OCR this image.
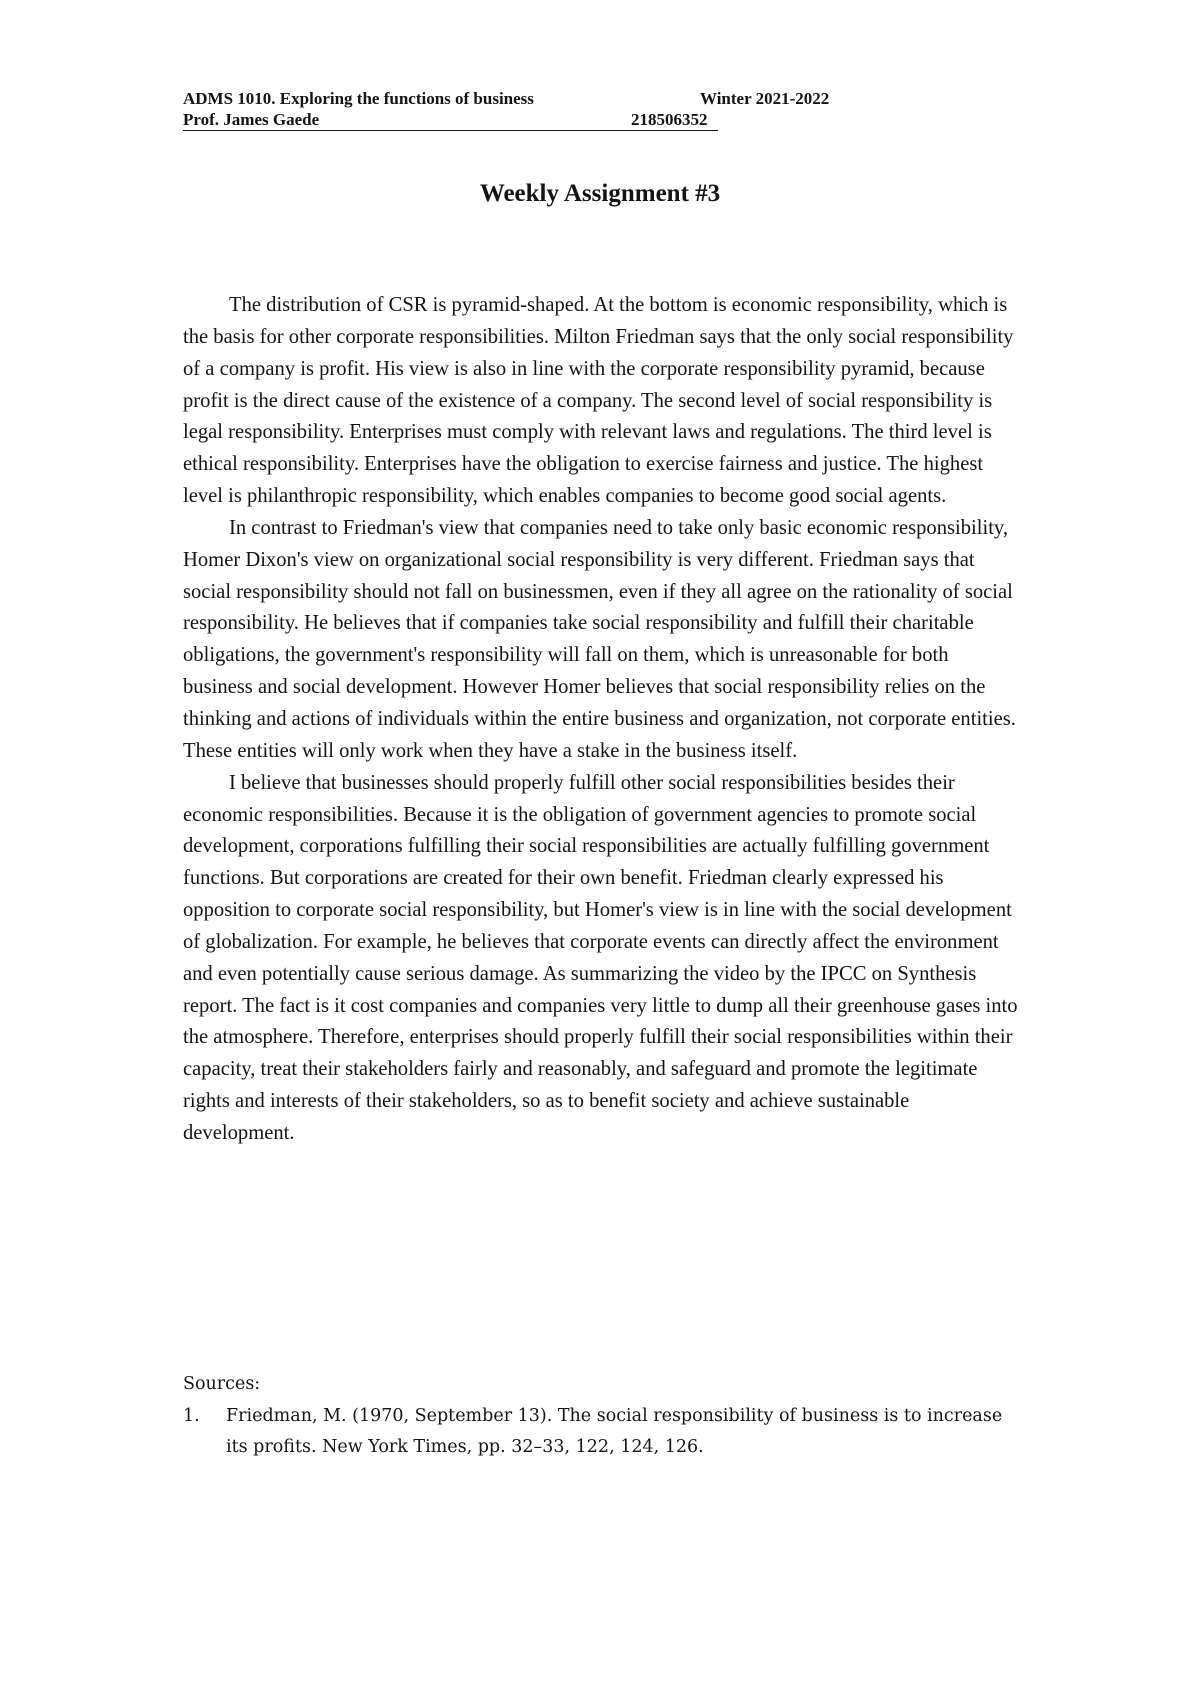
ADMS 1010. Exploring the functions of business	Winter 2021-2022
Prof. James Gaede	218506352
Weekly Assignment #3

The distribution of CSR is pyramid-shaped. At the bottom is economic responsibility, which is the basis for other corporate responsibilities. Milton Friedman says that the only social responsibility of a company is profit. His view is also in line with the corporate responsibility pyramid, because profit is the direct cause of the existence of a company. The second level of social responsibility is legal responsibility. Enterprises must comply with relevant laws and regulations. The third level is ethical responsibility. Enterprises have the obligation to exercise fairness and justice. The highest level is philanthropic responsibility, which enables companies to become good social agents.

In contrast to Friedman's view that companies need to take only basic economic responsibility, Homer Dixon's view on organizational social responsibility is very different. Friedman says that social responsibility should not fall on businessmen, even if they all agree on the rationality of social responsibility. He believes that if companies take social responsibility and fulfill their charitable obligations, the government's responsibility will fall on them, which is unreasonable for both business and social development. However Homer believes that social responsibility relies on the thinking and actions of individuals within the entire business and organization, not corporate entities. These entities will only work when they have a stake in the business itself.

I believe that businesses should properly fulfill other social responsibilities besides their economic responsibilities. Because it is the obligation of government agencies to promote social development, corporations fulfilling their social responsibilities are actually fulfilling government functions. But corporations are created for their own benefit. Friedman clearly expressed his opposition to corporate social responsibility, but Homer's view is in line with the social development of globalization. For example, he believes that corporate events can directly affect the environment and even potentially cause serious damage. As summarizing the video by the IPCC on Synthesis report. The fact is it cost companies and companies very little to dump all their greenhouse gases into the atmosphere. Therefore, enterprises should properly fulfill their social responsibilities within their capacity, treat their stakeholders fairly and reasonably, and safeguard and promote the legitimate rights and interests of their stakeholders, so as to benefit society and achieve sustainable development.

Sources:

1. Friedman, M. (1970, September 13). The social responsibility of business is to increase its profits. New York Times, pp. 32–33, 122, 124, 126.
